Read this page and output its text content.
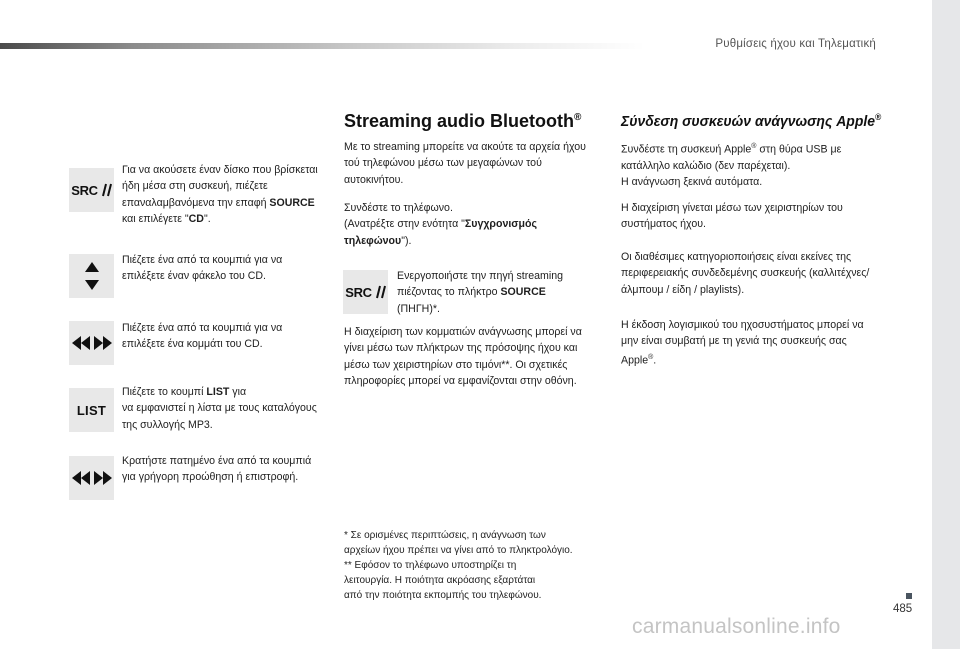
Ρυθμίσεις ήχου και Τηλεματική
485
SRC
Για να ακούσετε έναν δίσκο που βρίσκεται ήδη μέσα στη συσκευή, πιέζετε επαναλαμβανόμενα την επαφή SOURCE και επιλέγετε "CD".
Πιέζετε ένα από τα κουμπιά για να επιλέξετε έναν φάκελο του CD.
Πιέζετε ένα από τα κουμπιά για να επιλέξετε ένα κομμάτι του CD.
LIST
Πιέζετε το κουμπί LIST για
να εμφανιστεί η λίστα με τους καταλόγους της συλλογής MP3.
Κρατήστε πατημένο ένα από τα κουμπιά για γρήγορη προώθηση ή επιστροφή.
Streaming audio Bluetooth®
Με το streaming μπορείτε να ακούτε τα αρχεία ήχου τού τηλεφώνου μέσω των μεγαφώνων τού αυτοκινήτου.
Συνδέστε το τηλέφωνο.
(Ανατρέξτε στην ενότητα "Συγχρονισμός τηλεφώνου").
SRC
Ενεργοποιήστε την πηγή streaming πιέζοντας το πλήκτρο SOURCE
(ΠΗΓΗ)*.
Η διαχείριση των κομματιών ανάγνωσης μπορεί να γίνει μέσω των πλήκτρων της πρόσοψης ήχου και μέσω των χειριστηρίων στο τιμόνι**. Οι σχετικές πληροφορίες μπορεί να εμφανίζονται στην οθόνη.
* Σε ορισμένες περιπτώσεις, η ανάγνωση των
αρχείων ήχου πρέπει να γίνει από το πληκτρολόγιο.
** Εφόσον το τηλέφωνο υποστηρίζει τη
λειτουργία. Η ποιότητα ακρόασης εξαρτάται
από την ποιότητα εκπομπής του τηλεφώνου.
Σύνδεση συσκευών ανάγνωσης Apple®
Συνδέστε τη συσκευή Apple® στη θύρα USB με κατάλληλο καλώδιο (δεν παρέχεται).
Η ανάγνωση ξεκινά αυτόματα.
Η διαχείριση γίνεται μέσω των χειριστηρίων του συστήματος ήχου.
Οι διαθέσιμες κατηγοριοποιήσεις είναι εκείνες της περιφερειακής συνδεδεμένης συσκευής (καλλιτέχνες/ άλμπουμ / είδη / playlists).
Η έκδοση λογισμικού του ηχοσυστήματος μπορεί να μην είναι συμβατή με τη γενιά της συσκευής σας Apple®.
carmanualsonline.info
